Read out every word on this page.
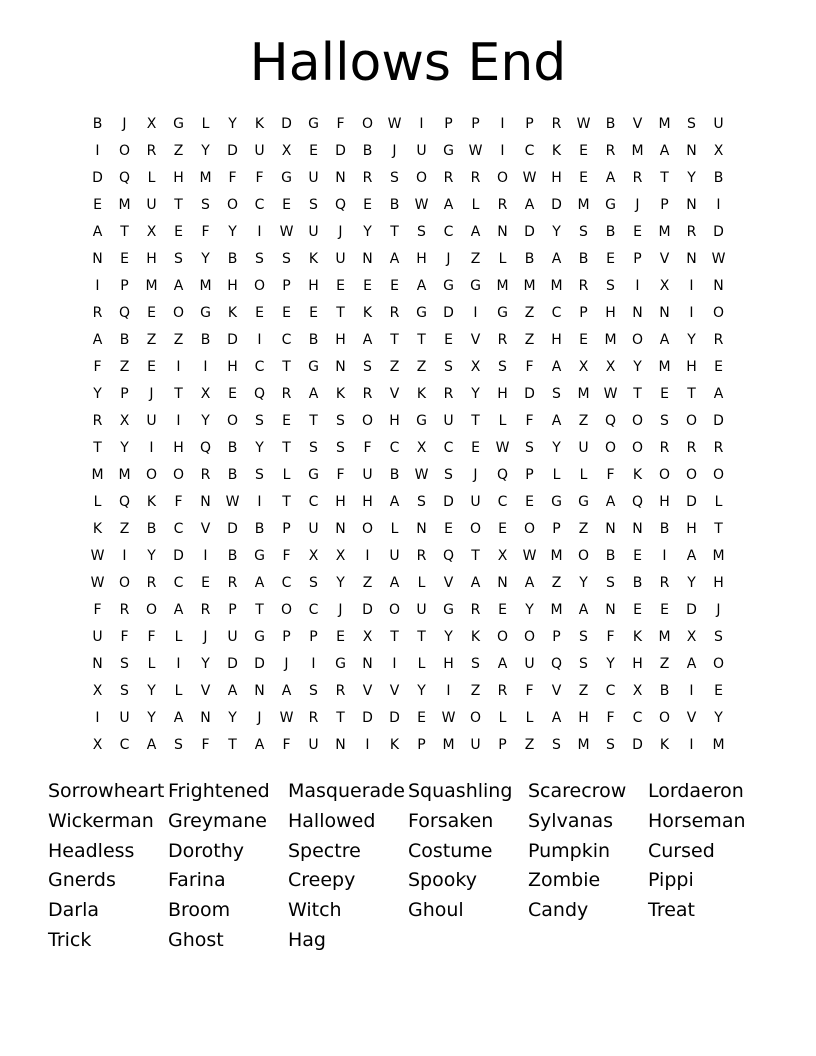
Hallows End
B	J	X	G	L	Y	K	D	G	F	O	W	I	P	P	I	P	R	W	B	V	M	S	U
I	O	R	Z	Y	D	U	X	E	D	B	J	U	G	W	I	C	K	E	R	M	A	N	X
D	Q	L	H	M	F	F	G	U	N	R	S	O	R	R	O	W	H	E	A	R	T	Y	B
E	M	U	T	S	O	C	E	S	Q	E	B	W	A	L	R	A	D	M	G	J	P	N	I
A	T	X	E	F	Y	I	W	U	J	Y	T	S	C	A	N	D	Y	S	B	E	M	R	D
N	E	H	S	Y	B	S	S	K	U	N	A	H	J	Z	L	B	A	B	E	P	V	N	W
I	P	M	A	M	H	O	P	H	E	E	E	A	G	G	M	M	M	R	S	I	X	I	N
R	Q	E	O	G	K	E	E	E	T	K	R	G	D	I	G	Z	C	P	H	N	N	I	O
A	B	Z	Z	B	D	I	C	B	H	A	T	T	E	V	R	Z	H	E	M	O	A	Y	R
F	Z	E	I	I	H	C	T	G	N	S	Z	Z	S	X	S	F	A	X	X	Y	M	H	E
Y	P	J	T	X	E	Q	R	A	K	R	V	K	R	Y	H	D	S	M	W	T	E	T	A
R	X	U	I	Y	O	S	E	T	S	O	H	G	U	T	L	F	A	Z	Q	O	S	O	D
T	Y	I	H	Q	B	Y	T	S	S	F	C	X	C	E	W	S	Y	U	O	O	R	R	R
M	M	O	O	R	B	S	L	G	F	U	B	W	S	J	Q	P	L	L	F	K	O	O	O
L	Q	K	F	N	W	I	T	C	H	H	A	S	D	U	C	E	G	G	A	Q	H	D	L
K	Z	B	C	V	D	B	P	U	N	O	L	N	E	O	E	O	P	Z	N	N	B	H	T
W	I	Y	D	I	B	G	F	X	X	I	U	R	Q	T	X	W	M	O	B	E	I	A	M
W	O	R	C	E	R	A	C	S	Y	Z	A	L	V	A	N	A	Z	Y	S	B	R	Y	H
F	R	O	A	R	P	T	O	C	J	D	O	U	G	R	E	Y	M	A	N	E	E	D	J
U	F	F	L	J	U	G	P	P	E	X	T	T	Y	K	O	O	P	S	F	K	M	X	S
N	S	L	I	Y	D	D	J	I	G	N	I	L	H	S	A	U	Q	S	Y	H	Z	A	O
X	S	Y	L	V	A	N	A	S	R	V	V	Y	I	Z	R	F	V	Z	C	X	B	I	E
I	U	Y	A	N	Y	J	W	R	T	D	D	E	W	O	L	L	A	H	F	C	O	V	Y
X	C	A	S	F	T	A	F	U	N	I	K	P	M	U	P	Z	S	M	S	D	K	I	M
Sorrowheart Frightened Masquerade Squashling Scarecrow	Lordaeron
Wickerman Greymane	Hallowed	Forsaken	Sylvanas	Horseman
Headless	Dorothy	Spectre	Costume	Pumpkin	Cursed
Gnerds	Farina	Creepy	Spooky	Zombie	Pippi
Darla	Broom	Witch	Ghoul	Candy	Treat
Trick	Ghost	Hag
